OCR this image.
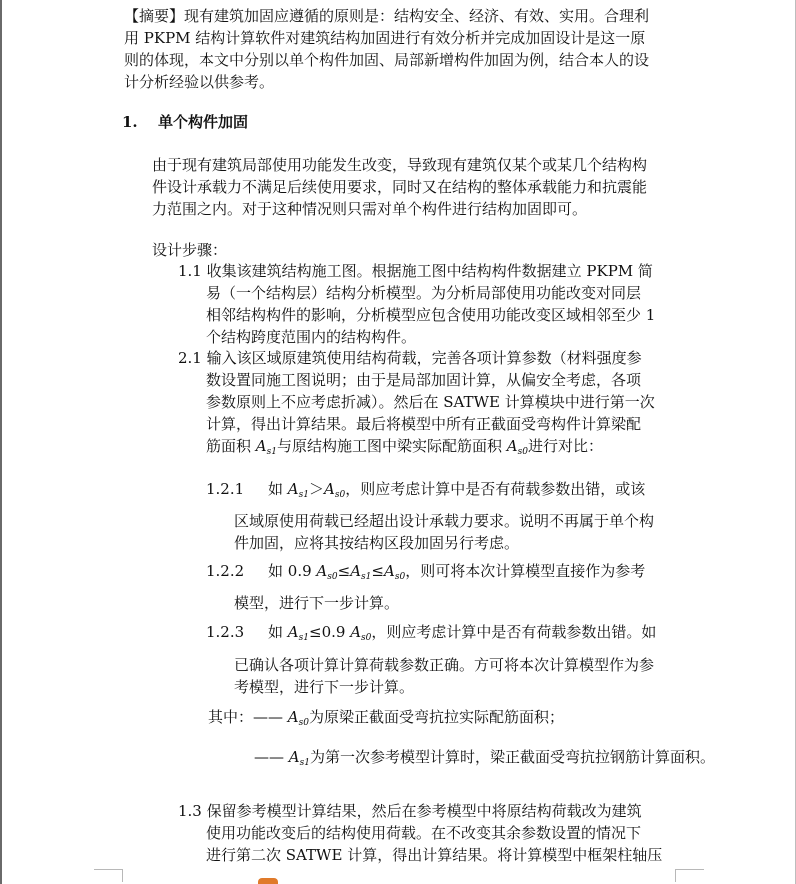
【摘要】现有建筑加固应遵循的原则是：结构安全、经济、有效、实用。合理利
用 PKPM 结构计算软件对建筑结构加固进行有效分析并完成加固设计是这一原
则的体现，本文中分别以单个构件加固、局部新增构件加固为例，结合本人的设
计分析经验以供参考。
1. 单个构件加固
由于现有建筑局部使用功能发生改变，导致现有建筑仅某个或某几个结构构
件设计承载力不满足后续使用要求，同时又在结构的整体承载能力和抗震能
力范围之内。对于这种情况则只需对单个构件进行结构加固即可。
设计步骤：
1.1 收集该建筑结构施工图。根据施工图中结构构件数据建立 PKPM 简
易（一个结构层）结构分析模型。为分析局部使用功能改变对同层
相邻结构构件的影响，分析模型应包含使用功能改变区域相邻至少 1
个结构跨度范围内的结构构件。
2.1 输入该区域原建筑使用结构荷载，完善各项计算参数（材料强度参
数设置同施工图说明；由于是局部加固计算，从偏安全考虑，各项
参数原则上不应考虑折减）。然后在 SATWE 计算模块中进行第一次
计算，得出计算结果。最后将模型中所有正截面受弯构件计算梁配
筋面积 $A_{s1}$与原结构施工图中梁实际配筋面积 $A_{s0}$进行对比：
1.2.1 如 $A_{s1}>A_{s0}$，则应考虑计算中是否有荷载参数出错，或该
区域原使用荷载已经超出设计承载力要求。说明不再属于单个构
件加固，应将其按结构区段加固另行考虑。
1.2.2 如 0.9 $A_{s0}\le A_{s1}\le A_{s0}$，则可将本次计算模型直接作为参考
模型，进行下一步计算。
1.2.3 如 $A_{s1}\le 0.9$ $A_{s0}$，则应考虑计算中是否有荷载参数出错。如
已确认各项计算计算荷载参数正确。方可将本次计算模型作为参
考模型，进行下一步计算。
其中：—— $A_{s0}$为原梁正截面受弯抗拉实际配筋面积；
—— $A_{s1}$为第一次参考模型计算时，梁正截面受弯抗拉钢筋计算面积。
1.3 保留参考模型计算结果，然后在参考模型中将原结构荷载改为建筑
使用功能改变后的结构使用荷载。在不改变其余参数设置的情况下
进行第二次 SATWE 计算，得出计算结果。将计算模型中框架柱轴压
